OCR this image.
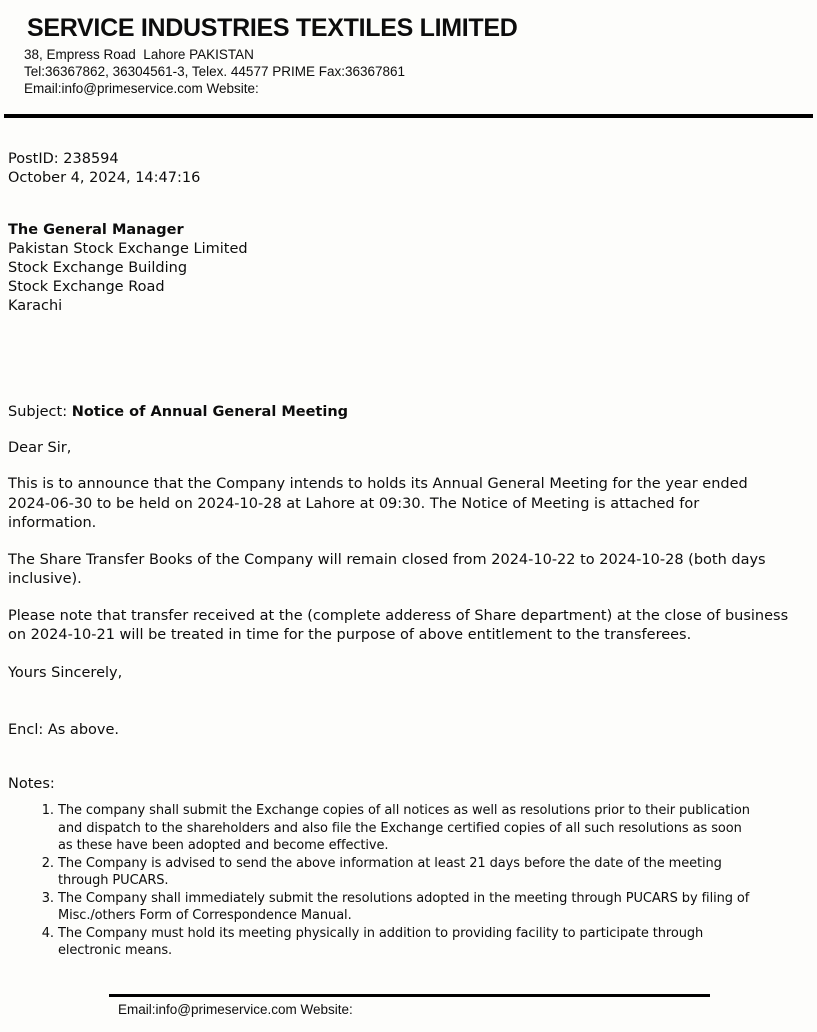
SERVICE INDUSTRIES TEXTILES LIMITED
38, Empress Road  Lahore PAKISTAN
Tel:36367862, 36304561-3, Telex. 44577 PRIME Fax:36367861
Email:info@primeservice.com Website:
PostID: 238594
October 4, 2024, 14:47:16
The General Manager
Pakistan Stock Exchange Limited
Stock Exchange Building
Stock Exchange Road
Karachi
Subject: Notice of Annual General Meeting
Dear Sir,

This is to announce that the Company intends to holds its Annual General Meeting for the year ended 2024-06-30 to be held on 2024-10-28 at Lahore at 09:30. The Notice of Meeting is attached for information.

The Share Transfer Books of the Company will remain closed from 2024-10-22 to 2024-10-28 (both days inclusive).

Please note that transfer received at the (complete adderess of Share department) at the close of business on 2024-10-21 will be treated in time for the purpose of above entitlement to the transferees.

Yours Sincerely,
Encl: As above.
Notes:
1. The company shall submit the Exchange copies of all notices as well as resolutions prior to their publication and dispatch to the shareholders and also file the Exchange certified copies of all such resolutions as soon as these have been adopted and become effective.
2. The Company is advised to send the above information at least 21 days before the date of the meeting through PUCARS.
3. The Company shall immediately submit the resolutions adopted in the meeting through PUCARS by filing of Misc./others Form of Correspondence Manual.
4. The Company must hold its meeting physically in addition to providing facility to participate through electronic means.
Email:info@primeservice.com Website:
